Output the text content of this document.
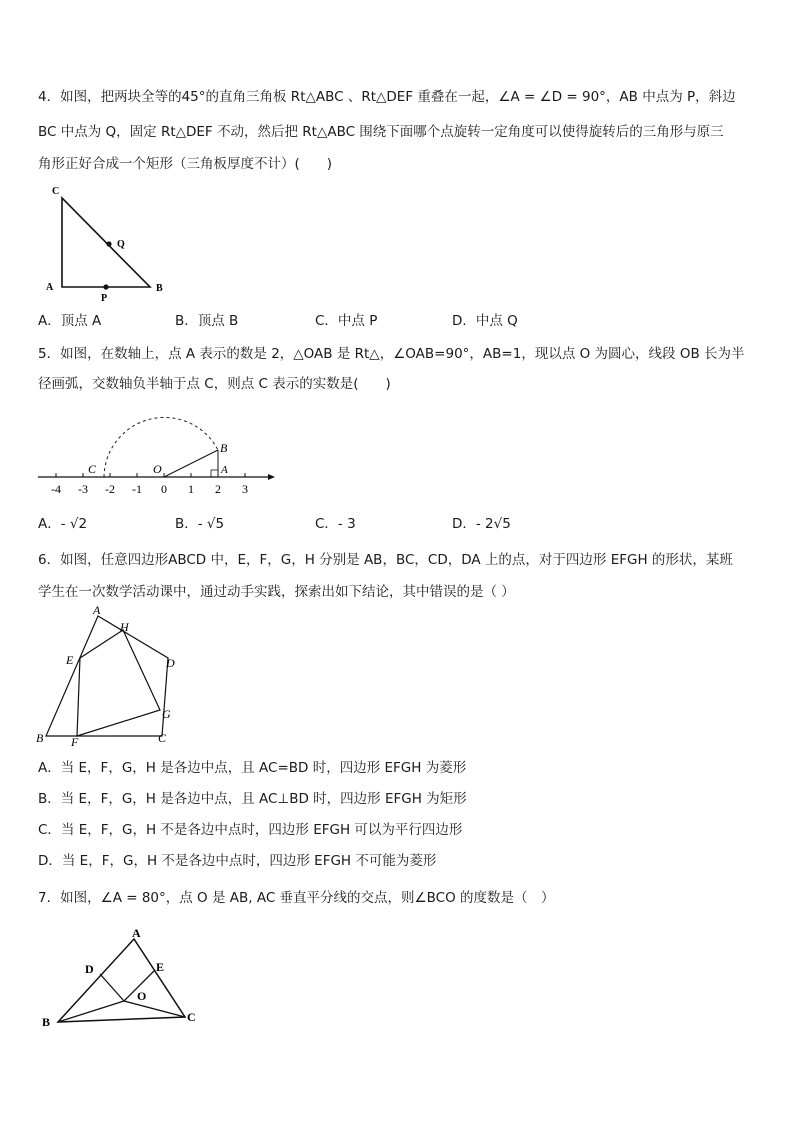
4．如图，把两块全等的45°的直角三角板 Rt△ABC 、Rt△DEF 重叠在一起，∠A = ∠D = 90°，AB 中点为 P，斜边
BC 中点为 Q，固定 Rt△DEF 不动，然后把 Rt△ABC 围绕下面哪个点旋转一定角度可以使得旋转后的三角形与原三
角形正好合成一个矩形（三角板厚度不计）(　　)
C
Q
A
P
B
A．顶点 A	B．顶点 B	C．中点 P	D．中点 Q
5．如图，在数轴上，点 A 表示的数是 2，△OAB 是 Rt△，∠OAB=90°，AB=1，现以点 O 为圆心，线段 OB 长为半
径画弧，交数轴负半轴于点 C，则点 C 表示的实数是(　　)
-4 -3 -2 -1 0 1 2 3
B
C	O	A
A．- √2	B．- √5	C．- 3	D．- 2√5
6．如图，任意四边形ABCD 中，E，F，G，H 分别是 AB，BC，CD，DA 上的点，对于四边形 EFGH 的形状，某班
学生在一次数学活动课中，通过动手实践，探索出如下结论，其中错误的是（ ）
A
H
E	D
G
B F	C
A．当 E，F，G，H 是各边中点，且 AC=BD 时，四边形 EFGH 为菱形
B．当 E，F，G，H 是各边中点，且 AC⊥BD 时，四边形 EFGH 为矩形
C．当 E，F，G，H 不是各边中点时，四边形 EFGH 可以为平行四边形
D．当 E，F，G，H 不是各边中点时，四边形 EFGH 不可能为菱形
7．如图，∠A = 80°，点 O 是 AB, AC 垂直平分线的交点，则∠BCO 的度数是（　）
A
D	E
O
B	C
